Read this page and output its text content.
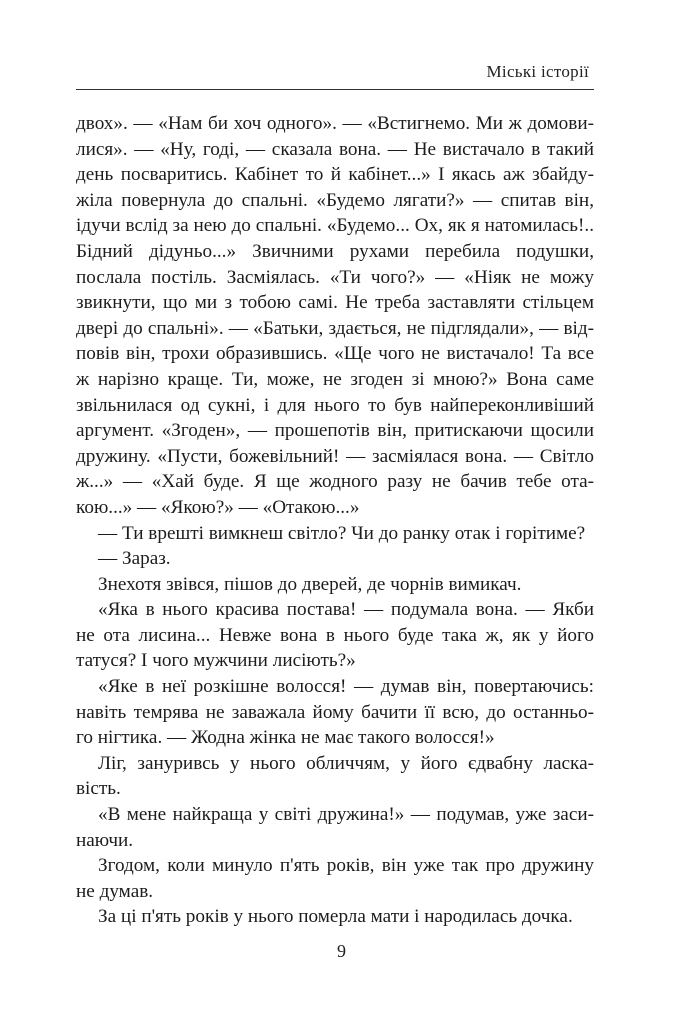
Міські історії
двох». — «Нам би хоч одного». — «Встигнемо. Ми ж домови-
лися». — «Ну, годі, — сказала вона. — Не вистачало в такий
день посваритись. Кабінет то й кабінет...» І якась аж збайду-
жіла повернула до спальні. «Будемо лягати?» — спитав він,
ідучи вслід за нею до спальні. «Будемо... Ох, як я натомилась!..
Бідний дідуньо...» Звичними рухами перебила подушки,
послала постіль. Засміялась. «Ти чого?» — «Ніяк не можу
звикнути, що ми з тобою самі. Не треба заставляти стільцем
двері до спальні». — «Батьки, здається, не підглядали», — від-
повів він, трохи образившись. «Ще чого не вистачало! Та все
ж нарізно краще. Ти, може, не згоден зі мною?» Вона саме
звільнилася од сукні, і для нього то був найпереконливіший
аргумент. «Згоден», — прошепотів він, притискаючи щосили
дружину. «Пусти, божевільний! — засміялася вона. — Світло
ж...» — «Хай буде. Я ще жодного разу не бачив тебе ота-
кою...» — «Якою?» — «Отакою...»
— Ти врешті вимкнеш світло? Чи до ранку отак і горітиме?
— Зараз.
Знехотя звівся, пішов до дверей, де чорнів вимикач.
«Яка в нього красива постава! — подумала вона. — Якби
не ота лисина... Невже вона в нього буде така ж, як у його
татуся? І чого мужчини лисіють?»
«Яке в неї розкішне волосся! — думав він, повертаючись:
навіть темрява не заважала йому бачити її всю, до останньо-
го нігтика. — Жодна жінка не має такого волосся!»
Ліг, зануривсь у нього обличчям, у його єдвабну ласка-
вість.
«В мене найкраща у світі дружина!» — подумав, уже заси-
наючи.
Згодом, коли минуло п'ять років, він уже так про дружину
не думав.
За ці п'ять років у нього померла мати і народилась дочка.
9
